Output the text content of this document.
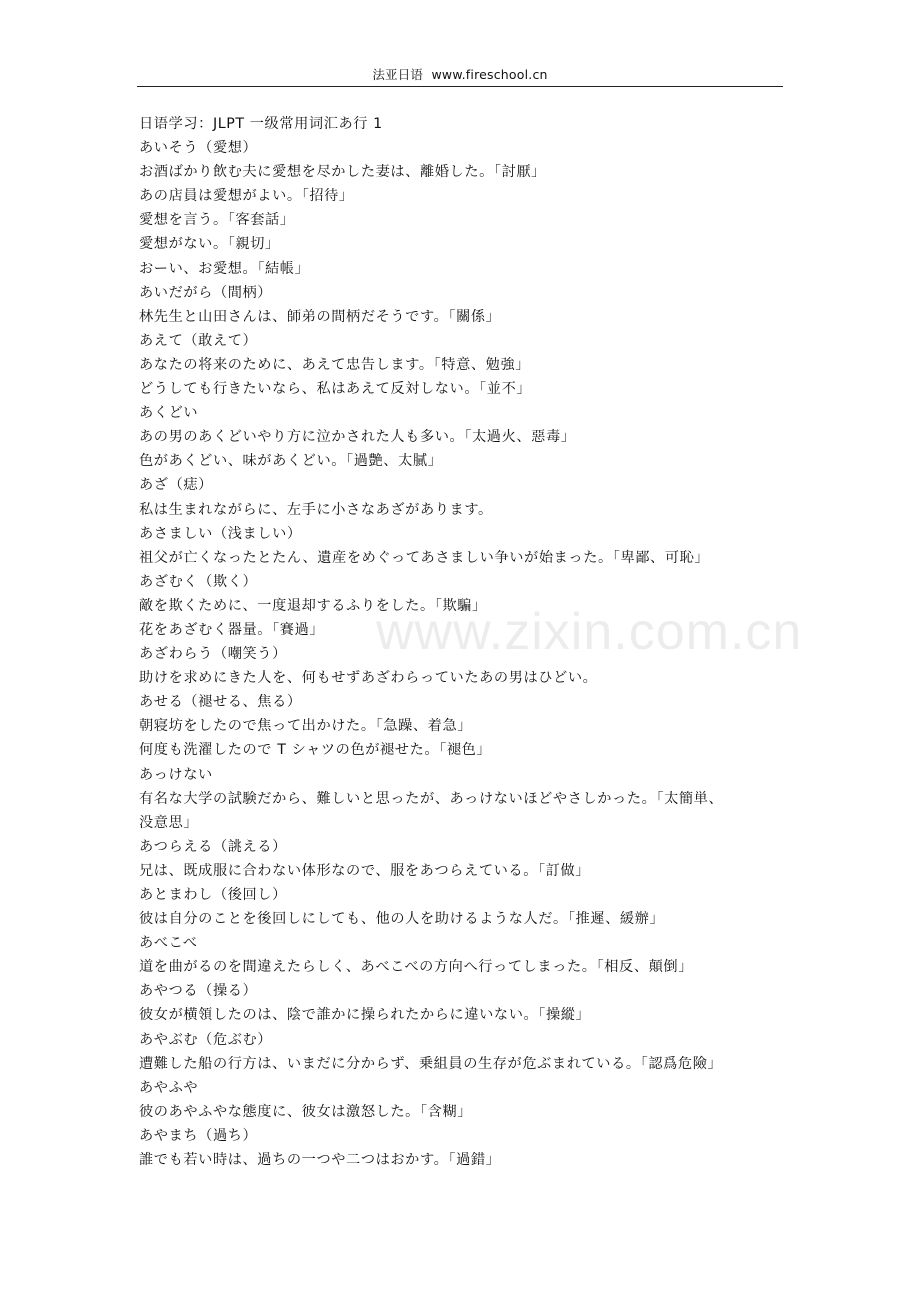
法亚日语 www.fireschool.cn
www.zixin.com.cn
日语学习：JLPT 一级常用词汇あ行 1
あいそう（愛想）
お酒ばかり飲む夫に愛想を尽かした妻は、離婚した。「討厭」
あの店員は愛想がよい。「招待」
愛想を言う。「客套話」
愛想がない。「親切」
おーい、お愛想。「結帳」
あいだがら（間柄）
林先生と山田さんは、師弟の間柄だそうです。「關係」
あえて（敢えて）
あなたの将来のために、あえて忠告します。「特意、勉強」
どうしても行きたいなら、私はあえて反対しない。「並不」
あくどい
あの男のあくどいやり方に泣かされた人も多い。「太過火、惡毒」
色があくどい、味があくどい。「過艶、太膩」
あざ（痣）
私は生まれながらに、左手に小さなあざがあります。
あさましい（浅ましい）
祖父が亡くなったとたん、遺産をめぐってあさましい争いが始まった。「卑鄙、可恥」
あざむく（欺く）
敵を欺くために、一度退却するふりをした。「欺騙」
花をあざむく器量。「賽過」
あざわらう（嘲笑う）
助けを求めにきた人を、何もせずあざわらっていたあの男はひどい。
あせる（褪せる、焦る）
朝寝坊をしたので焦って出かけた。「急躁、着急」
何度も洗濯したので T シャツの色が褪せた。「褪色」
あっけない
有名な大学の試験だから、難しいと思ったが、あっけないほどやさしかった。「太簡単、
没意思」
あつらえる（誂える）
兄は、既成服に合わない体形なので、服をあつらえている。「訂做」
あとまわし（後回し）
彼は自分のことを後回しにしても、他の人を助けるような人だ。「推遲、緩辦」
あべこべ
道を曲がるのを間違えたらしく、あべこべの方向へ行ってしまった。「相反、顛倒」
あやつる（操る）
彼女が横領したのは、陰で誰かに操られたからに違いない。「操縱」
あやぶむ（危ぶむ）
遭難した船の行方は、いまだに分からず、乗組員の生存が危ぶまれている。「認爲危險」
あやふや
彼のあやふやな態度に、彼女は激怒した。「含糊」
あやまち（過ち）
誰でも若い時は、過ちの一つや二つはおかす。「過錯」
